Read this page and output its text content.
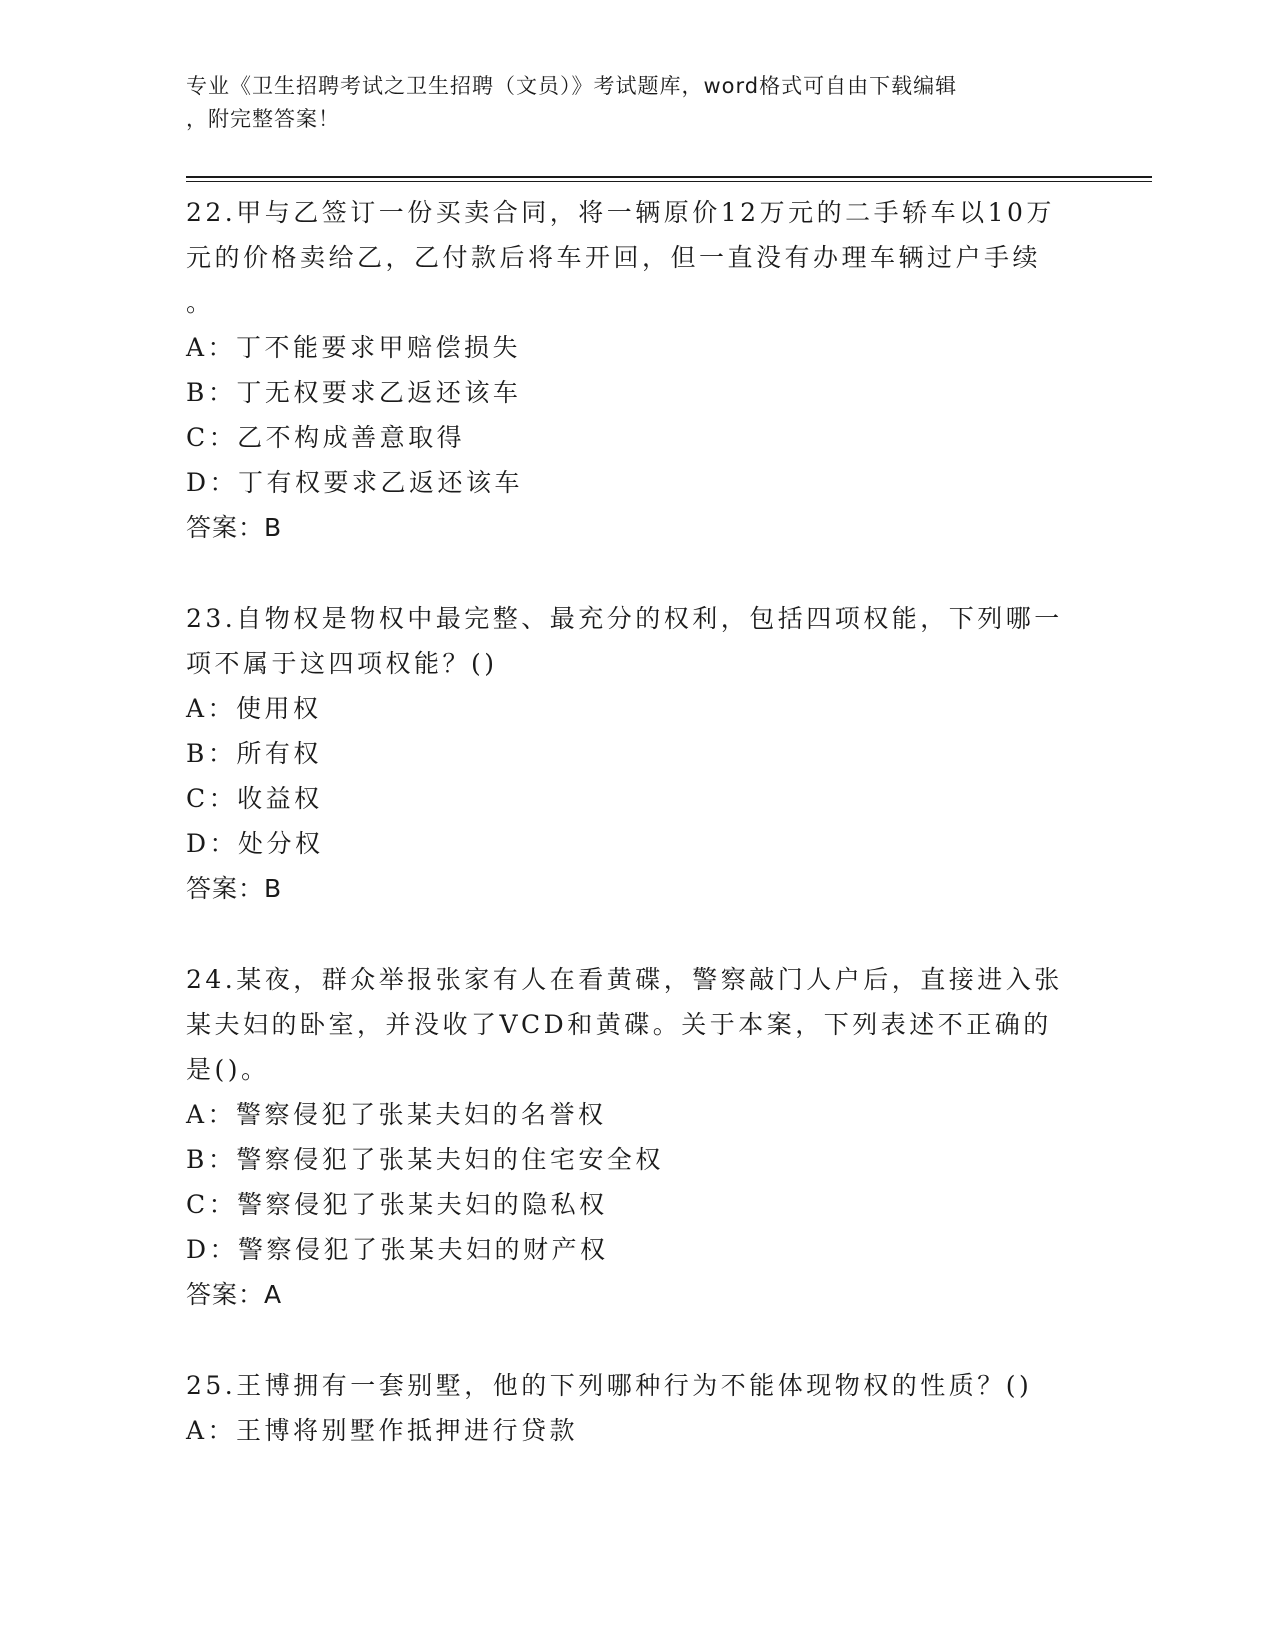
专业《卫生招聘考试之卫生招聘（文员）》考试题库，word格式可自由下载编辑
，附完整答案！
22.甲与乙签订一份买卖合同，将一辆原价12万元的二手轿车以10万
元的价格卖给乙，乙付款后将车开回，但一直没有办理车辆过户手续
。
A：丁不能要求甲赔偿损失
B：丁无权要求乙返还该车
C：乙不构成善意取得
D：丁有权要求乙返还该车
答案：B
23.自物权是物权中最完整、最充分的权利，包括四项权能，下列哪一
项不属于这四项权能？()
A：使用权
B：所有权
C：收益权
D：处分权
答案：B
24.某夜，群众举报张家有人在看黄碟，警察敲门人户后，直接进入张
某夫妇的卧室，并没收了VCD和黄碟。关于本案，下列表述不正确的
是()。
A：警察侵犯了张某夫妇的名誉权
B：警察侵犯了张某夫妇的住宅安全权
C：警察侵犯了张某夫妇的隐私权
D：警察侵犯了张某夫妇的财产权
答案：A
25.王博拥有一套别墅，他的下列哪种行为不能体现物权的性质？()
A：王博将别墅作抵押进行贷款
